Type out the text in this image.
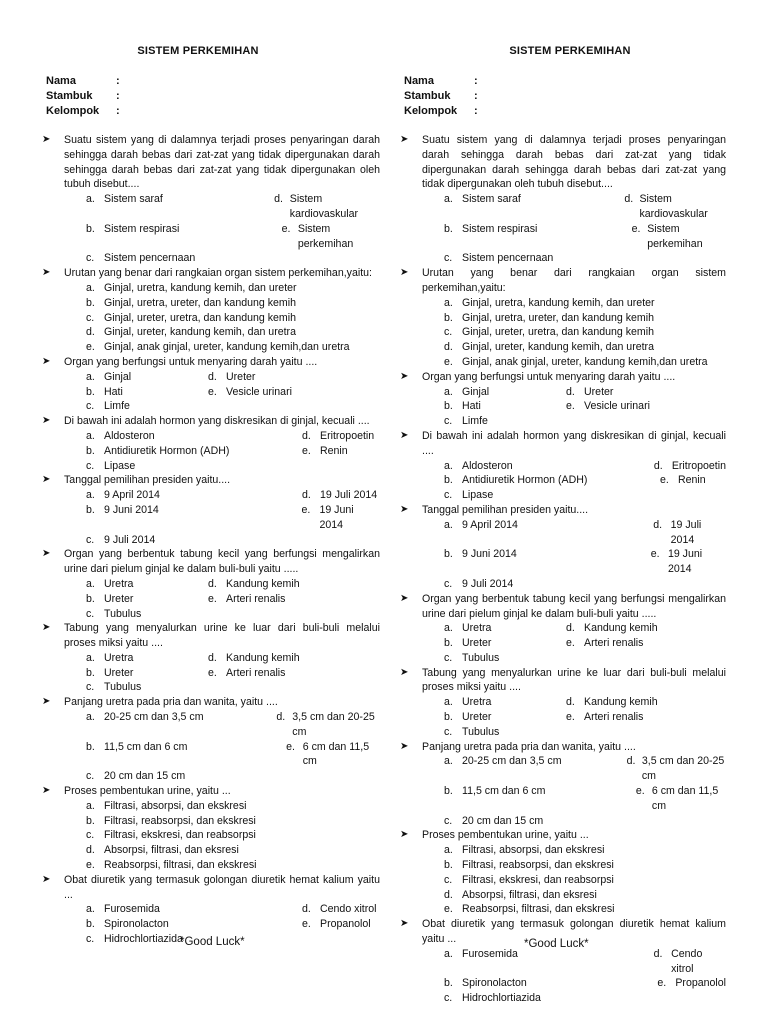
SISTEM PERKEMIHAN
Nama	:
Stambuk	:
Kelompok	:
➤ Suatu sistem yang di dalamnya terjadi proses penyaringan darah sehingga darah bebas dari zat-zat yang tidak dipergunakan darah sehingga darah bebas dari zat-zat yang tidak dipergunakan oleh tubuh disebut....
a. Sistem saraf	d. Sistem kardiovaskular
b. Sistem respirasi	e. Sistem perkemihan
c. Sistem pencernaan
➤ Urutan yang benar dari rangkaian organ sistem perkemihan,yaitu:
a. Ginjal, uretra, kandung kemih, dan ureter
b. Ginjal, uretra, ureter, dan kandung kemih
c. Ginjal, ureter, uretra, dan kandung kemih
d. Ginjal, ureter, kandung kemih, dan uretra
e. Ginjal, anak ginjal, ureter, kandung kemih,dan uretra
➤ Organ yang berfungsi untuk menyaring darah yaitu ....
a. Ginjal	d. Ureter
b. Hati	e. Vesicle urinari
c. Limfe
➤ Di bawah ini adalah hormon yang diskresikan di ginjal, kecuali ....
a. Aldosteron	d. Eritropoetin
b. Antidiuretik Hormon (ADH)	e. Renin
c. Lipase
➤ Tanggal pemilihan presiden yaitu....
a. 9 April 2014	d. 19 Juli 2014
b. 9 Juni 2014	e. 19 Juni 2014
c. 9 Juli 2014
➤ Organ yang berbentuk tabung kecil yang berfungsi mengalirkan urine dari pielum ginjal ke dalam buli-buli yaitu .....
a. Uretra	d. Kandung kemih
b. Ureter	e. Arteri renalis
c. Tubulus
➤ Tabung yang menyalurkan urine ke luar dari buli-buli melalui proses miksi yaitu ....
a. Uretra	d. Kandung kemih
b. Ureter	e. Arteri renalis
c. Tubulus
➤ Panjang uretra pada pria dan wanita, yaitu ....
a. 20-25 cm dan 3,5 cm	d. 3,5 cm dan 20-25 cm
b. 11,5 cm dan 6 cm	e. 6 cm dan 11,5 cm
c. 20 cm dan 15 cm
➤ Proses pembentukan urine, yaitu ...
a. Filtrasi, absorpsi, dan ekskresi
b. Filtrasi, reabsorpsi, dan ekskresi
c. Filtrasi, ekskresi, dan reabsorpsi
d. Absorpsi, filtrasi, dan eksresi
e. Reabsorpsi, filtrasi, dan ekskresi
➤ Obat diuretik yang termasuk golongan diuretik hemat kalium yaitu ...
a. Furosemida	d. Cendo xitrol
b. Spironolacton	e. Propanolol
c. Hidrochlortiazida
*Good Luck*
SISTEM PERKEMIHAN
Nama	:
Stambuk	:
Kelompok	:
➤ Suatu sistem yang di dalamnya terjadi proses penyaringan darah sehingga darah bebas dari zat-zat yang tidak dipergunakan darah sehingga darah bebas dari zat-zat yang tidak dipergunakan oleh tubuh disebut....
a. Sistem saraf	d. Sistem kardiovaskular
b. Sistem respirasi	e. Sistem perkemihan
c. Sistem pencernaan
➤ Urutan yang benar dari rangkaian organ sistem perkemihan,yaitu:
a. Ginjal, uretra, kandung kemih, dan ureter
b. Ginjal, uretra, ureter, dan kandung kemih
c. Ginjal, ureter, uretra, dan kandung kemih
d. Ginjal, ureter, kandung kemih, dan uretra
e. Ginjal, anak ginjal, ureter, kandung kemih,dan uretra
➤ Organ yang berfungsi untuk menyaring darah yaitu ....
a. Ginjal	d. Ureter
b. Hati	e. Vesicle urinari
c. Limfe
➤ Di bawah ini adalah hormon yang diskresikan di ginjal, kecuali ....
a. Aldosteron	d. Eritropoetin
b. Antidiuretik Hormon (ADH)	e. Renin
c. Lipase
➤ Tanggal pemilihan presiden yaitu....
a. 9 April 2014	d. 19 Juli 2014
b. 9 Juni 2014	e. 19 Juni 2014
c. 9 Juli 2014
➤ Organ yang berbentuk tabung kecil yang berfungsi mengalirkan urine dari pielum ginjal ke dalam buli-buli yaitu .....
a. Uretra	d. Kandung kemih
b. Ureter	e. Arteri renalis
c. Tubulus
➤ Tabung yang menyalurkan urine ke luar dari buli-buli melalui proses miksi yaitu ....
a. Uretra	d. Kandung kemih
b. Ureter	e. Arteri renalis
c. Tubulus
➤ Panjang uretra pada pria dan wanita, yaitu ....
a. 20-25 cm dan 3,5 cm	d. 3,5 cm dan 20-25 cm
b. 11,5 cm dan 6 cm	e. 6 cm dan 11,5 cm
c. 20 cm dan 15 cm
➤ Proses pembentukan urine, yaitu ...
a. Filtrasi, absorpsi, dan ekskresi
b. Filtrasi, reabsorpsi, dan ekskresi
c. Filtrasi, ekskresi, dan reabsorpsi
d. Absorpsi, filtrasi, dan eksresi
e. Reabsorpsi, filtrasi, dan ekskresi
➤ Obat diuretik yang termasuk golongan diuretik hemat kalium yaitu ...
a. Furosemida	d. Cendo xitrol
b. Spironolacton	e. Propanolol
c. Hidrochlortiazida
*Good Luck*
